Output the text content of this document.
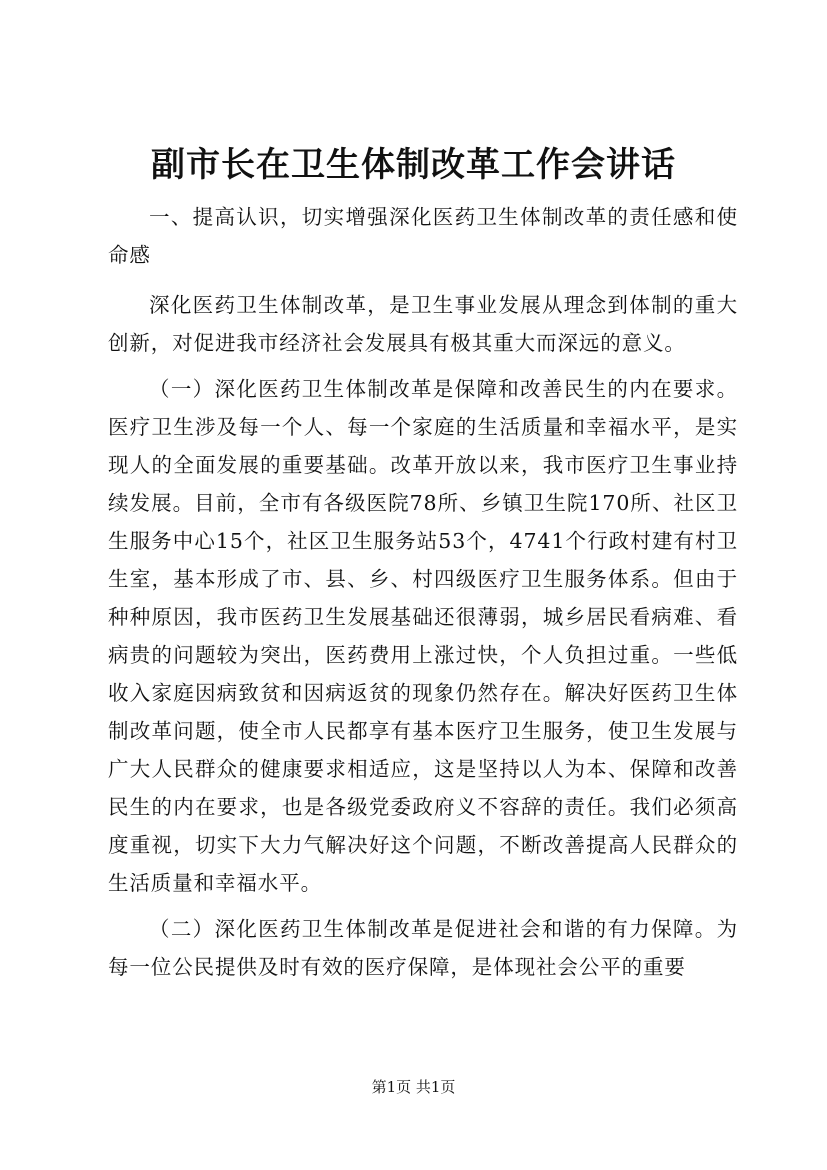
副市长在卫生体制改革工作会讲话

一、提高认识，切实增强深化医药卫生体制改革的责任感和使命感

深化医药卫生体制改革，是卫生事业发展从理念到体制的重大创新，对促进我市经济社会发展具有极其重大而深远的意义。

（一）深化医药卫生体制改革是保障和改善民生的内在要求。医疗卫生涉及每一个人、每一个家庭的生活质量和幸福水平，是实现人的全面发展的重要基础。改革开放以来，我市医疗卫生事业持续发展。目前，全市有各级医院78所、乡镇卫生院170所、社区卫生服务中心15个，社区卫生服务站53个，4741个行政村建有村卫生室，基本形成了市、县、乡、村四级医疗卫生服务体系。但由于种种原因，我市医药卫生发展基础还很薄弱，城乡居民看病难、看病贵的问题较为突出，医药费用上涨过快，个人负担过重。一些低收入家庭因病致贫和因病返贫的现象仍然存在。解决好医药卫生体制改革问题，使全市人民都享有基本医疗卫生服务，使卫生发展与广大人民群众的健康要求相适应，这是坚持以人为本、保障和改善民生的内在要求，也是各级党委政府义不容辞的责任。我们必须高度重视，切实下大力气解决好这个问题，不断改善提高人民群众的生活质量和幸福水平。

（二）深化医药卫生体制改革是促进社会和谐的有力保障。为每一位公民提供及时有效的医疗保障，是体现社会公平的重要

第1页 共1页
